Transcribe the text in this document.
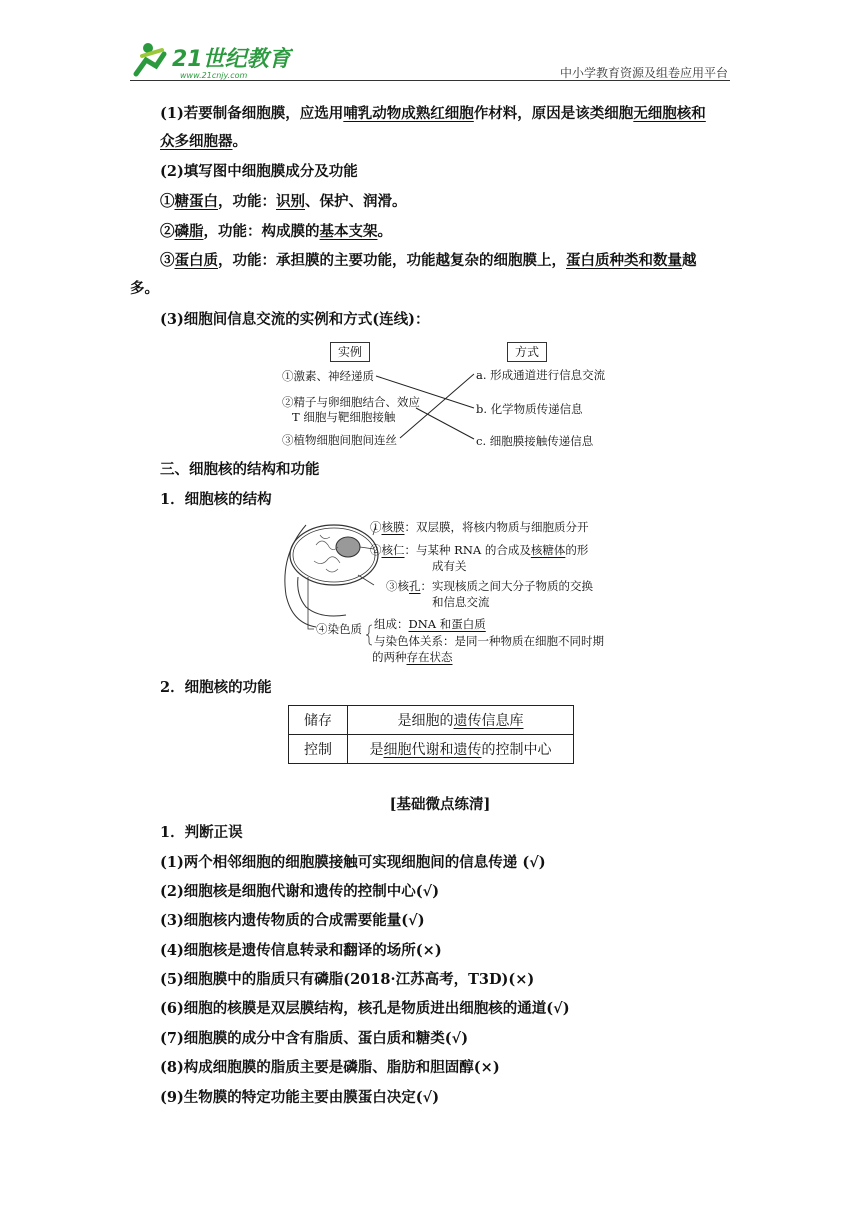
21世纪教育
www.21cnjy.com	中小学教育资源及组卷应用平台
(1)若要制备细胞膜，应选用哺乳动物成熟红细胞作材料，原因是该类细胞无细胞核和
众多细胞器。
(2)填写图中细胞膜成分及功能
①糖蛋白，功能：识别、保护、润滑。
②磷脂，功能：构成膜的基本支架。
③蛋白质，功能：承担膜的主要功能，功能越复杂的细胞膜上，蛋白质种类和数量越
多。
(3)细胞间信息交流的实例和方式(连线)：
实例	方式
①激素、神经递质
②精子与卵细胞结合、效应
T 细胞与靶细胞接触
③植物细胞间胞间连丝
a. 形成通道进行信息交流
b. 化学物质传递信息
c. 细胞膜接触传递信息
三、细胞核的结构和功能
1．细胞核的结构
①核膜：双层膜，将核内物质与细胞质分开
②核仁：与某种 RNA 的合成及核糖体的形
成有关
③核孔：实现核质之间大分子物质的交换
和信息交流
④染色质 组成：DNA 和蛋白质
与染色体关系：是同一种物质在细胞不同时期
的两种存在状态
2．细胞核的功能
储存	是细胞的遗传信息库
控制	是细胞代谢和遗传的控制中心
[基础微点练清]
1．判断正误
(1)两个相邻细胞的细胞膜接触可实现细胞间的信息传递 (√)
(2)细胞核是细胞代谢和遗传的控制中心(√)
(3)细胞核内遗传物质的合成需要能量(√)
(4)细胞核是遗传信息转录和翻译的场所(×)
(5)细胞膜中的脂质只有磷脂(2018·江苏高考，T3D)(×)
(6)细胞的核膜是双层膜结构，核孔是物质进出细胞核的通道(√)
(7)细胞膜的成分中含有脂质、蛋白质和糖类(√)
(8)构成细胞膜的脂质主要是磷脂、脂肪和胆固醇(×)
(9)生物膜的特定功能主要由膜蛋白决定(√)
